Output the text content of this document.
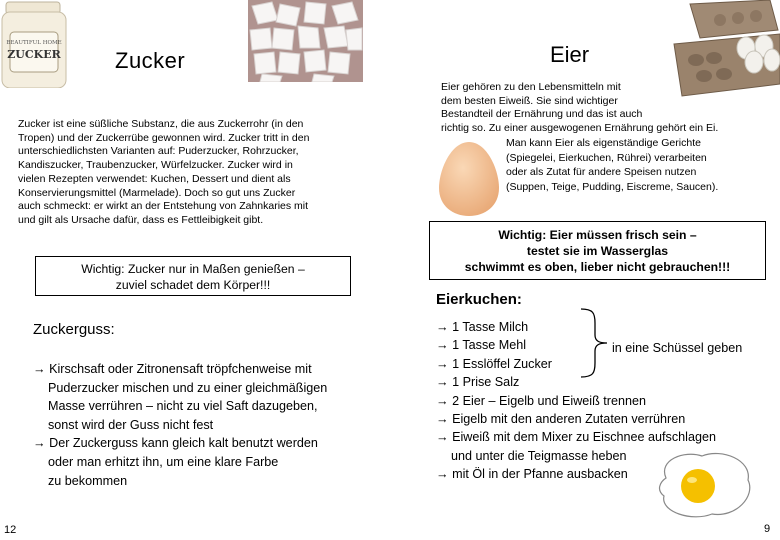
BEAUTIFUL HOME
ZUCKER Zucker
Zucker ist eine süßliche Substanz, die aus Zuckerrohr (in den
Tropen) und der Zuckerrübe gewonnen wird. Zucker tritt in den
unterschiedlichsten Varianten auf: Puderzucker, Rohrzucker,
Kandiszucker, Traubenzucker, Würfelzucker. Zucker wird in
vielen Rezepten verwendet: Kuchen, Dessert und dient als
Konservierungsmittel (Marmelade). Doch so gut uns Zucker
auch schmeckt: er wirkt an der Entstehung von Zahnkaries mit
und gilt als Ursache dafür, dass es Fettleibigkeit gibt.
Wichtig: Zucker nur in Maßen genießen –
zuviel schadet dem Körper!!!
Zuckerguss:
→ Kirschsaft oder Zitronensaft tröpfchenweise mit
Puderzucker mischen und zu einer gleichmäßigen
Masse verrühren – nicht zu viel Saft dazugeben,
sonst wird der Guss nicht fest
→ Der Zuckerguss kann gleich kalt benutzt werden
oder man erhitzt ihn, um eine klare Farbe
zu bekommen
12
Eier
Eier gehören zu den Lebensmitteln mit
dem besten Eiweiß. Sie sind wichtiger
Bestandteil der Ernährung und das ist auch
richtig so. Zu einer ausgewogenen Ernährung gehört ein Ei.
Man kann Eier als eigenständige Gerichte
(Spiegelei, Eierkuchen, Rührei) verarbeiten
oder als Zutat für andere Speisen nutzen
(Suppen, Teige, Pudding, Eiscreme, Saucen).
Wichtig: Eier müssen frisch sein –
testet sie im Wasserglas
schwimmt es oben, lieber nicht gebrauchen!!!
Eierkuchen:
→ 1 Tasse Milch
→ 1 Tasse Mehl
→ 1 Esslöffel Zucker
→ 1 Prise Salz
→ 2 Eier – Eigelb und Eiweiß trennen
→ Eigelb mit den anderen Zutaten verrühren
→ Eiweiß mit dem Mixer zu Eischnee aufschlagen
und unter die Teigmasse heben
→ mit Öl in der Pfanne ausbacken
in eine Schüssel geben
9
